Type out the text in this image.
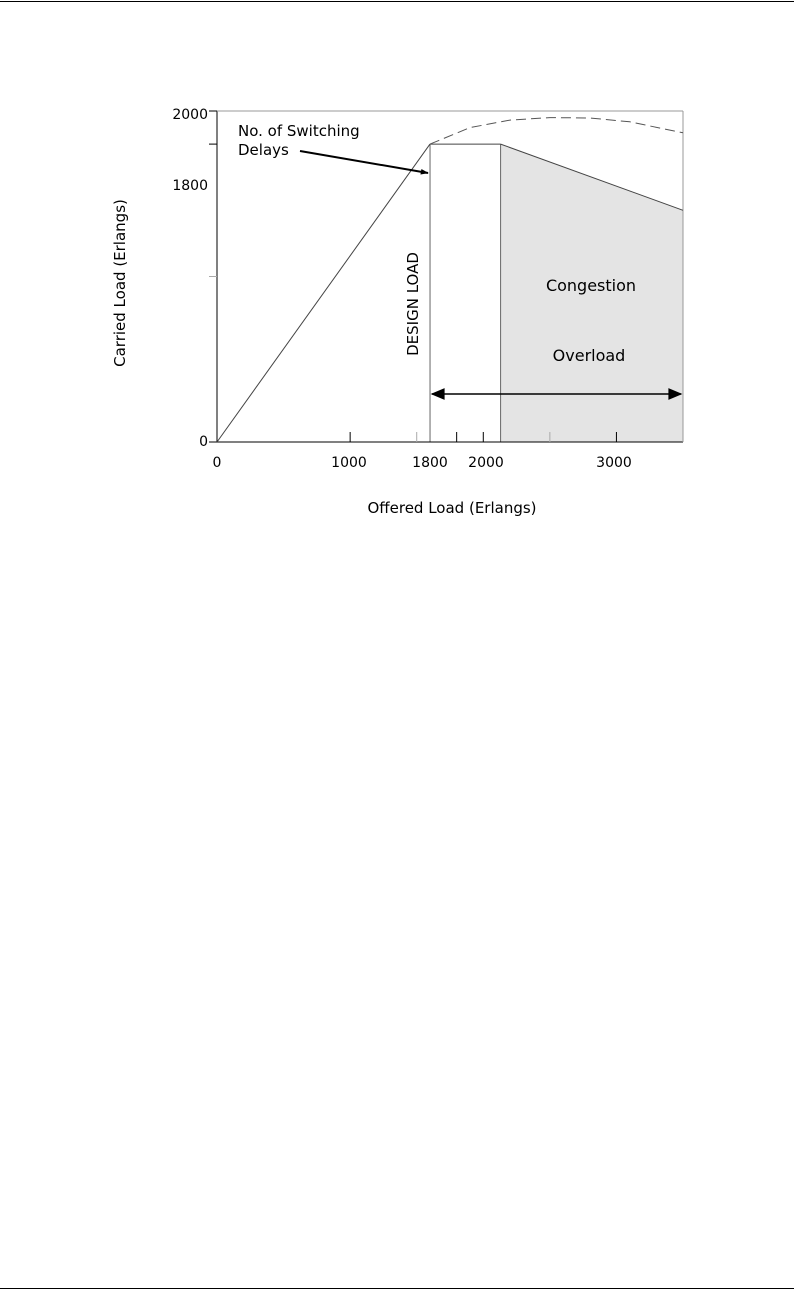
2000
1800
0
0	1000	1800 2000	3000
Offered Load (Erlangs)
Carried Load (Erlangs)
No. of Switching Delays
DESIGN LOAD	Congestion
Overload
